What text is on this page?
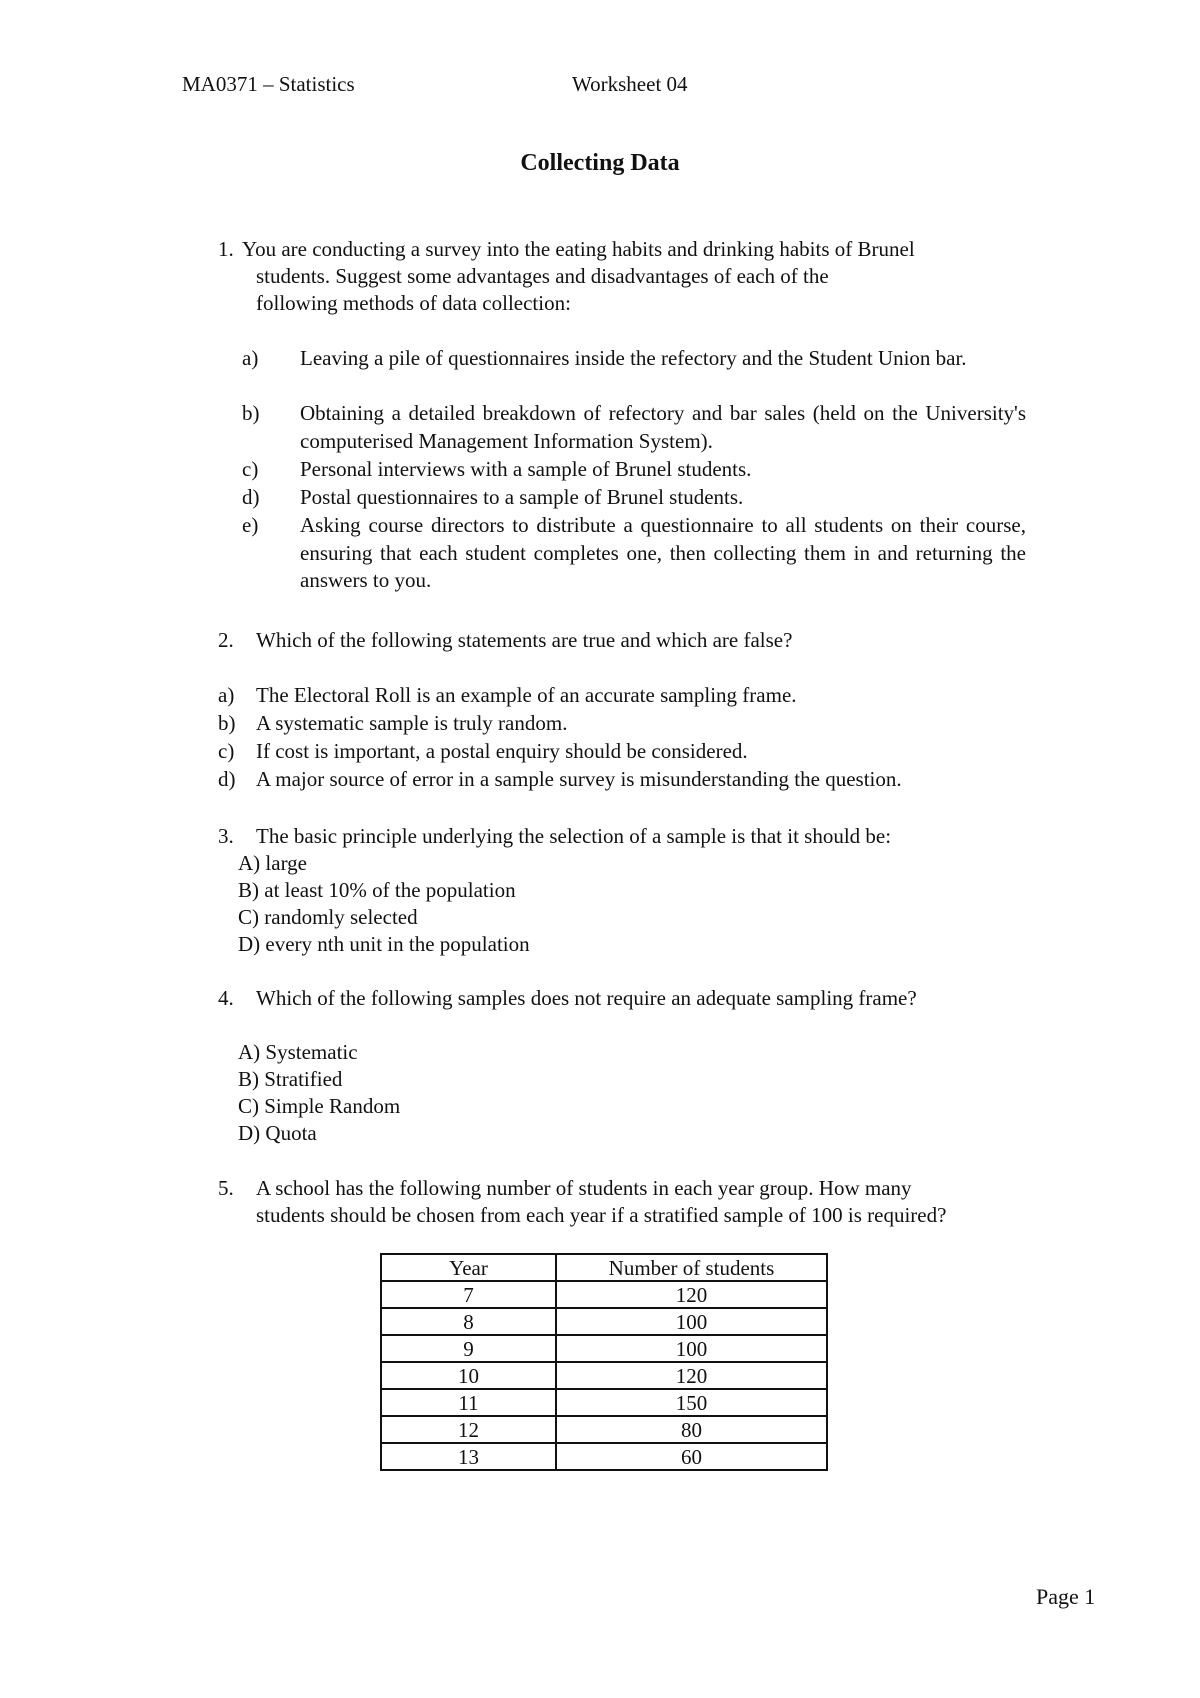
MA0371 – Statistics	Worksheet 04
Collecting Data
1. You are conducting a survey into the eating habits and drinking habits of Brunel
students. Suggest some advantages and disadvantages of each of the
following methods of data collection:
a) Leaving a pile of questionnaires inside the refectory and the Student Union bar.
b) Obtaining a detailed breakdown of refectory and bar sales (held on the University's computerised Management Information System).
c) Personal interviews with a sample of Brunel students.
d) Postal questionnaires to a sample of Brunel students.
e) Asking course directors to distribute a questionnaire to all students on their course, ensuring that each student completes one, then collecting them in and returning the answers to you.
2. Which of the following statements are true and which are false?
a) The Electoral Roll is an example of an accurate sampling frame.
b) A systematic sample is truly random.
c) If cost is important, a postal enquiry should be considered.
d) A major source of error in a sample survey is misunderstanding the question.
3. The basic principle underlying the selection of a sample is that it should be:
A) large
B) at least 10% of the population
C) randomly selected
D) every nth unit in the population
4. Which of the following samples does not require an adequate sampling frame?
A) Systematic
B) Stratified
C) Simple Random
D) Quota
5. A school has the following number of students in each year group. How many
students should be chosen from each year if a stratified sample of 100 is required?
Year	Number of students
7	120
8	100
9	100
10	120
11	150
12	80
13	60
Page 1
